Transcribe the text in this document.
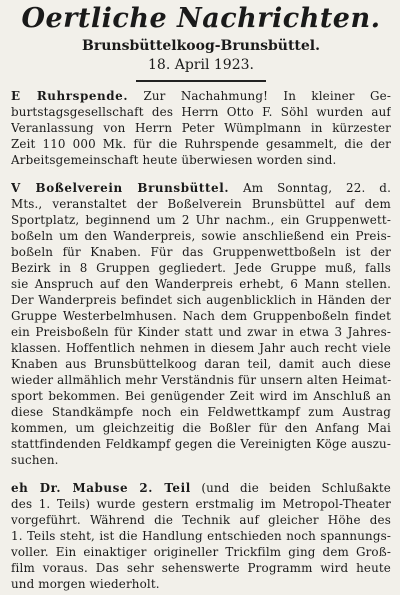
Oertliche Nachrichten.
Brunsbüttelkoog-Brunsbüttel.
18. April 1923.
E Ruhrspende. Zur Nachahmung! In kleiner Ge-
burtstagsgesellschaft des Herrn Otto F. Söhl wurden auf
Veranlassung von Herrn Peter Wümplmann in kürzester
Zeit 110 000 Mk. für die Ruhrspende gesammelt, die der
Arbeitsgemeinschaft heute überwiesen worden sind.
V Boßelverein Brunsbüttel. Am Sonntag, 22. d.
Mts., veranstaltet der Boßelverein Brunsbüttel auf dem
Sportplatz, beginnend um 2 Uhr nachm., ein Gruppenwett-
boßeln um den Wanderpreis, sowie anschließend ein Preis-
boßeln für Knaben. Für das Gruppenwettboßeln ist der
Bezirk in 8 Gruppen gegliedert. Jede Gruppe muß, falls
sie Anspruch auf den Wanderpreis erhebt, 6 Mann stellen.
Der Wanderpreis befindet sich augenblicklich in Händen der
Gruppe Westerbelmhusen. Nach dem Gruppenboßeln findet
ein Preisboßeln für Kinder statt und zwar in etwa 3 Jahres-
klassen. Hoffentlich nehmen in diesem Jahr auch recht viele
Knaben aus Brunsbüttelkoog daran teil, damit auch diese
wieder allmählich mehr Verständnis für unsern alten Heimat-
sport bekommen. Bei genügender Zeit wird im Anschluß an
diese Standkämpfe noch ein Feldwettkampf zum Austrag
kommen, um gleichzeitig die Boßler für den Anfang Mai
stattfindenden Feldkampf gegen die Vereinigten Köge auszu-
suchen.
eh Dr. Mabuse 2. Teil (und die beiden Schlußakte
des 1. Teils) wurde gestern erstmalig im Metropol-Theater
vorgeführt. Während die Technik auf gleicher Höhe des
1. Teils steht, ist die Handlung entschieden noch spannungs-
voller. Ein einaktiger origineller Trickfilm ging dem Groß-
film voraus. Das sehr sehenswerte Programm wird heute
und morgen wiederholt.
